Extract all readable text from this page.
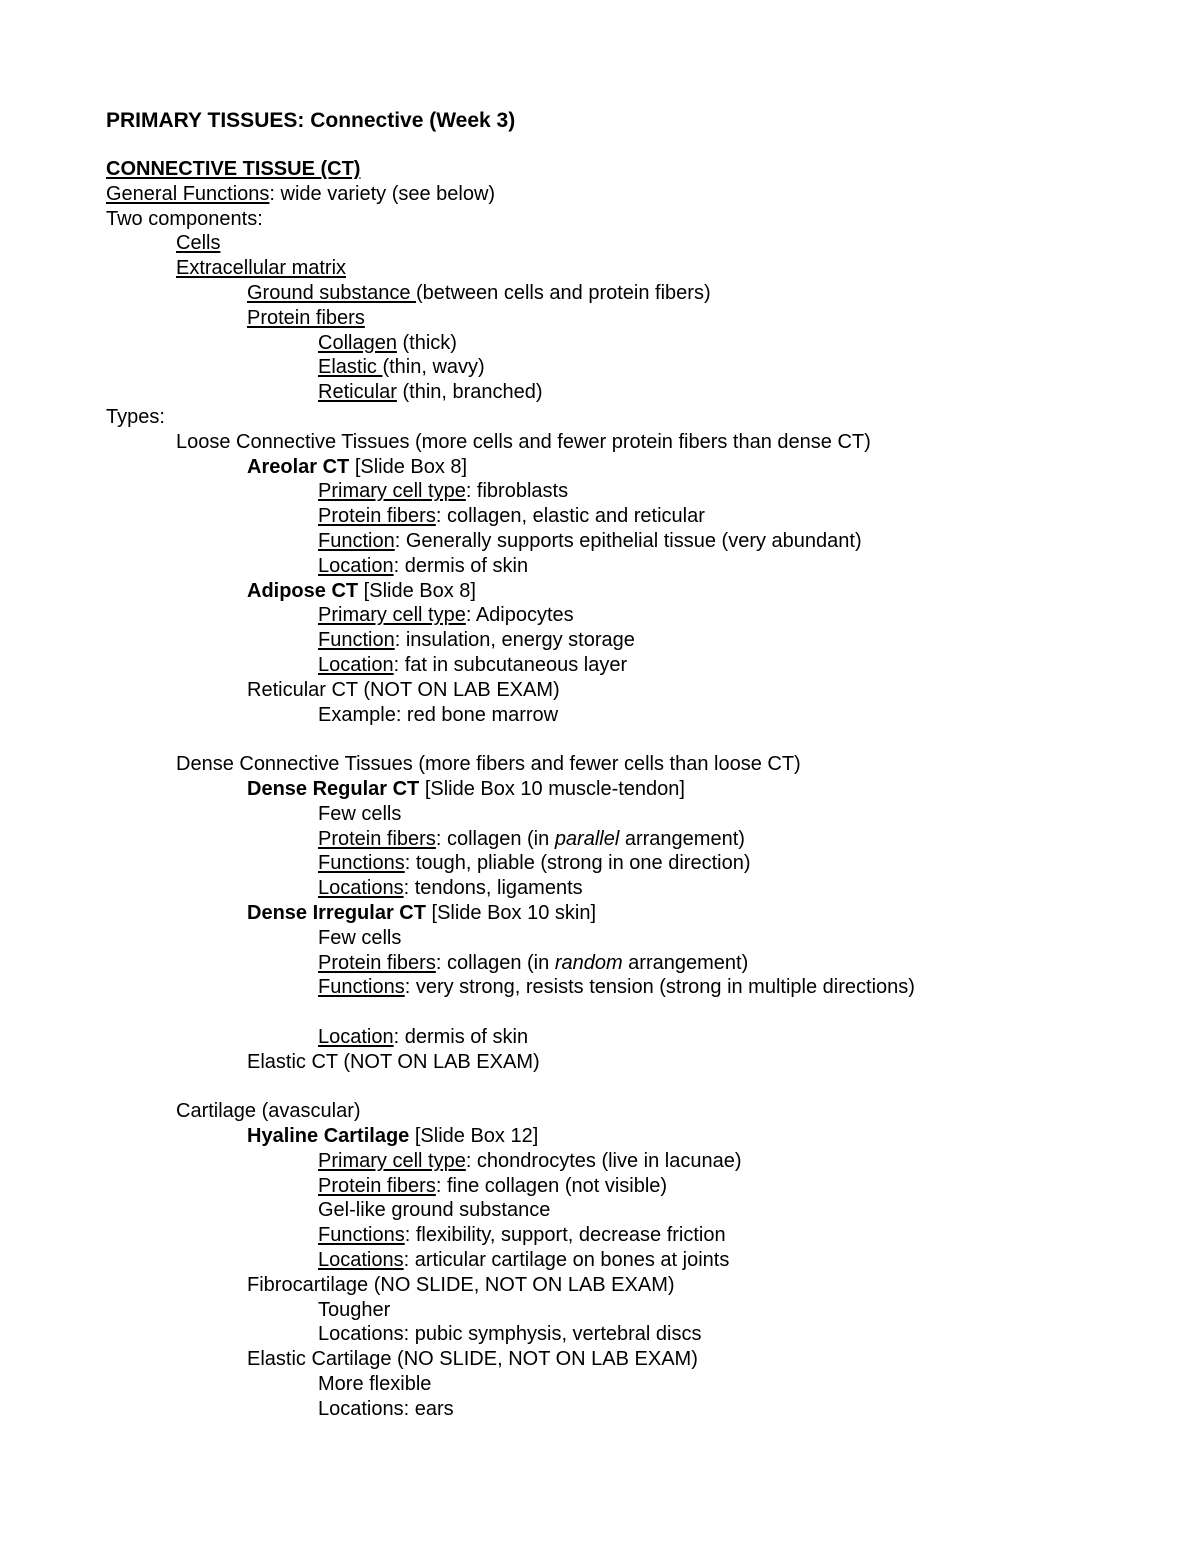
PRIMARY TISSUES: Connective (Week 3)
CONNECTIVE TISSUE (CT)
General Functions: wide variety (see below)
Two components:
Cells
Extracellular matrix
Ground substance (between cells and protein fibers)
Protein fibers
Collagen (thick)
Elastic (thin, wavy)
Reticular (thin, branched)
Types:
Loose Connective Tissues (more cells and fewer protein fibers than dense CT)
Areolar CT [Slide Box 8]
Primary cell type: fibroblasts
Protein fibers: collagen, elastic and reticular
Function: Generally supports epithelial tissue (very abundant)
Location: dermis of skin
Adipose CT [Slide Box 8]
Primary cell type: Adipocytes
Function: insulation, energy storage
Location: fat in subcutaneous layer
Reticular CT (NOT ON LAB EXAM)
Example: red bone marrow
Dense Connective Tissues (more fibers and fewer cells than loose CT)
Dense Regular CT [Slide Box 10 muscle-tendon]
Few cells
Protein fibers: collagen (in parallel arrangement)
Functions: tough, pliable (strong in one direction)
Locations: tendons, ligaments
Dense Irregular CT [Slide Box 10 skin]
Few cells
Protein fibers: collagen (in random arrangement)
Functions: very strong, resists tension (strong in multiple directions)
Location: dermis of skin
Elastic CT (NOT ON LAB EXAM)
Cartilage (avascular)
Hyaline Cartilage [Slide Box 12]
Primary cell type: chondrocytes (live in lacunae)
Protein fibers: fine collagen (not visible)
Gel-like ground substance
Functions: flexibility, support, decrease friction
Locations: articular cartilage on bones at joints
Fibrocartilage (NO SLIDE, NOT ON LAB EXAM)
Tougher
Locations: pubic symphysis, vertebral discs
Elastic Cartilage (NO SLIDE, NOT ON LAB EXAM)
More flexible
Locations: ears
